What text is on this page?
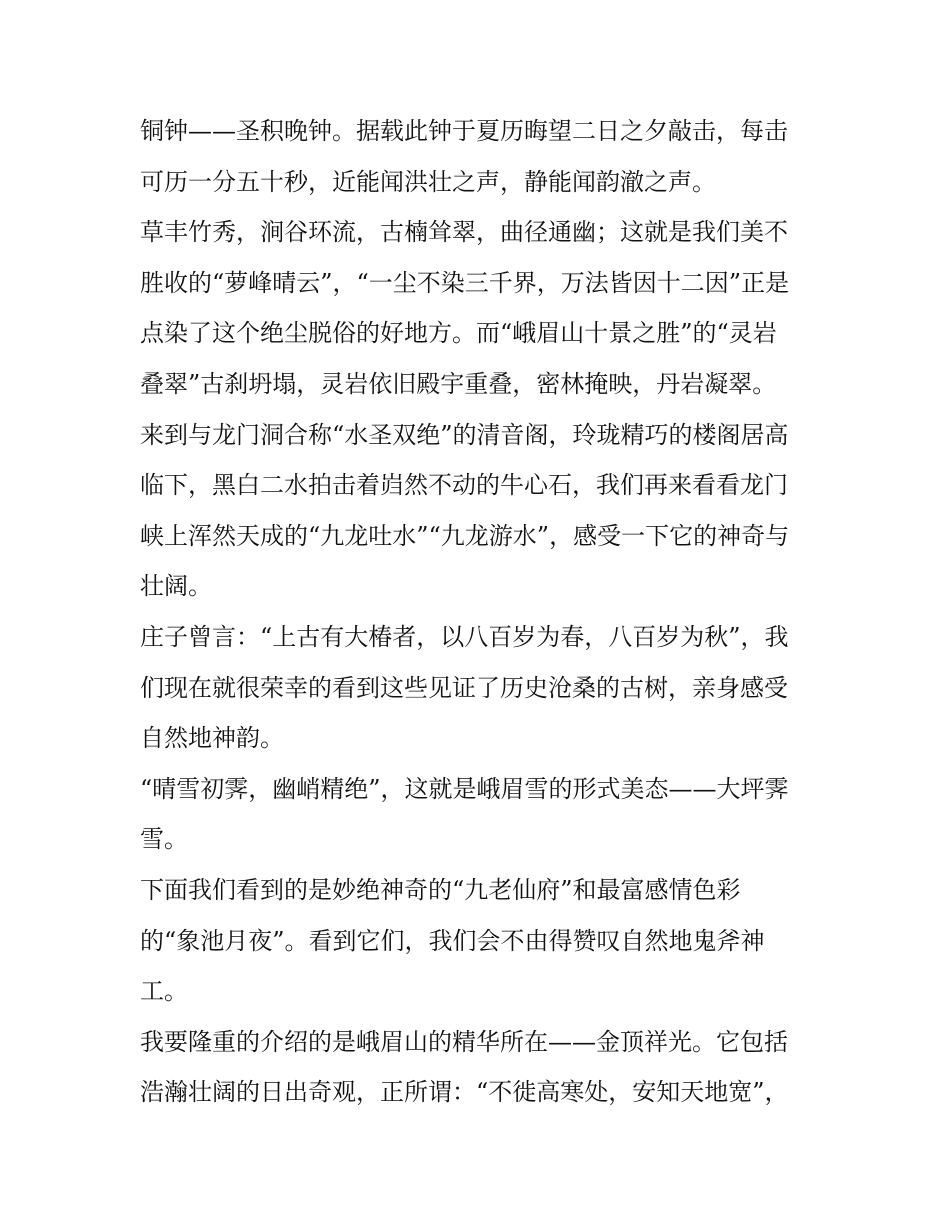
铜钟——圣积晚钟。据载此钟于夏历晦望二日之夕敲击，每击
可历一分五十秒，近能闻洪壮之声，静能闻韵澈之声。
草丰竹秀，涧谷环流，古楠耸翠，曲径通幽；这就是我们美不
胜收的“萝峰晴云”，“一尘不染三千界，万法皆因十二因”正是
点染了这个绝尘脱俗的好地方。而“峨眉山十景之胜”的“灵岩
叠翠”古刹坍塌，灵岩依旧殿宇重叠，密林掩映，丹岩凝翠。
来到与龙门洞合称“水圣双绝”的清音阁，玲珑精巧的楼阁居高
临下，黑白二水拍击着岿然不动的牛心石，我们再来看看龙门
峡上浑然天成的“九龙吐水”“九龙游水”，感受一下它的神奇与
壮阔。
庄子曾言：“上古有大椿者，以八百岁为春，八百岁为秋”，我
们现在就很荣幸的看到这些见证了历史沧桑的古树，亲身感受
自然地神韵。
“晴雪初霁，幽峭精绝”，这就是峨眉雪的形式美态——大坪霁
雪。
下面我们看到的是妙绝神奇的“九老仙府”和最富感情色彩
的“象池月夜”。看到它们，我们会不由得赞叹自然地鬼斧神
工。
我要隆重的介绍的是峨眉山的精华所在——金顶祥光。它包括
浩瀚壮阔的日出奇观，正所谓：“不徙高寒处，安知天地宽”，
